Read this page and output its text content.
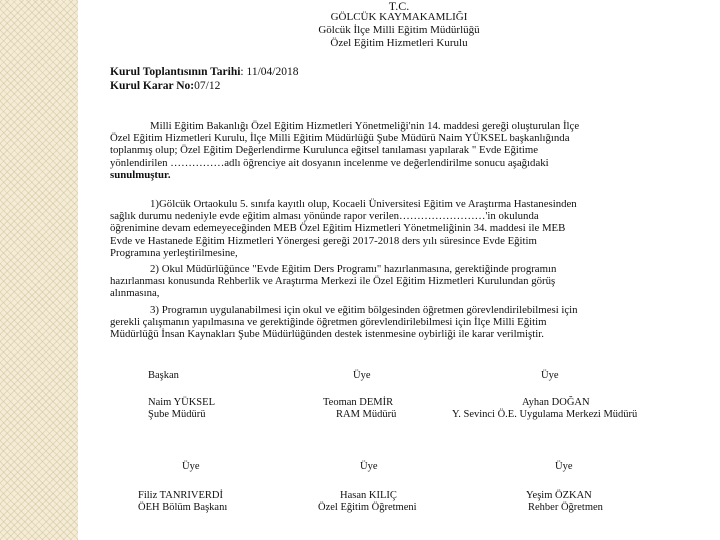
T.C.
GÖLCÜK KAYMAKAMLIĞI
Gölcük İlçe Milli Eğitim Müdürlüğü
Özel Eğitim Hizmetleri Kurulu
Kurul Toplantısının Tarihi: 11/04/2018
Kurul Karar No:07/12
Milli Eğitim Bakanlığı Özel Eğitim Hizmetleri Yönetmeliği'nin 14. maddesi gereği oluşturulan İlçe
Özel Eğitim Hizmetleri Kurulu, İlçe Milli Eğitim Müdürlüğü Şube Müdürü Naim YÜKSEL başkanlığında
toplanmış olup; Özel Eğitim Değerlendirme Kurulunca eğitsel tanılaması yapılarak " Evde Eğitime
yönlendirilen ……………adlı öğrenciye ait dosyanın incelenme ve değerlendirilme sonucu aşağıdaki
sunulmuştur.
1)Gölcük Ortaokulu 5. sınıfa kayıtlı olup, Kocaeli Üniversitesi Eğitim ve Araştırma Hastanesinden
sağlık durumu nedeniyle evde eğitim alması yönünde rapor verilen……………………'in okulunda
öğrenimine devam edemeyeceğinden MEB Özel Eğitim Hizmetleri Yönetmeliğinin 34. maddesi ile MEB
Evde ve Hastanede Eğitim Hizmetleri Yönergesi gereği 2017-2018 ders yılı süresince Evde Eğitim
Programına yerleştirilmesine,
2) Okul Müdürlüğünce "Evde Eğitim Ders Programı" hazırlanmasına, gerektiğinde programın
hazırlanması konusunda Rehberlik ve Araştırma Merkezi ile Özel Eğitim Hizmetleri Kurulundan görüş
alınmasına,
3) Programın uygulanabilmesi için okul ve eğitim bölgesinden öğretmen görevlendirilebilmesi için
gerekli çalışmanın yapılmasına ve gerektiğinde öğretmen görevlendirilebilmesi için İlçe Milli Eğitim
Müdürlüğü İnsan Kaynakları Şube Müdürlüğünden destek istenmesine oybirliği ile karar verilmiştir.
Başkan
Naim YÜKSEL
Şube Müdürü
Üye
Teoman DEMİR
RAM Müdürü
Üye
Ayhan DOĞAN
Y. Sevinci Ö.E. Uygulama Merkezi Müdürü
Üye
Filiz TANRIVERDİ
ÖEH Bölüm Başkanı
Üye
Hasan KILIÇ
Özel Eğitim Öğretmeni
Üye
Yeşim ÖZKAN
Rehber Öğretmen
